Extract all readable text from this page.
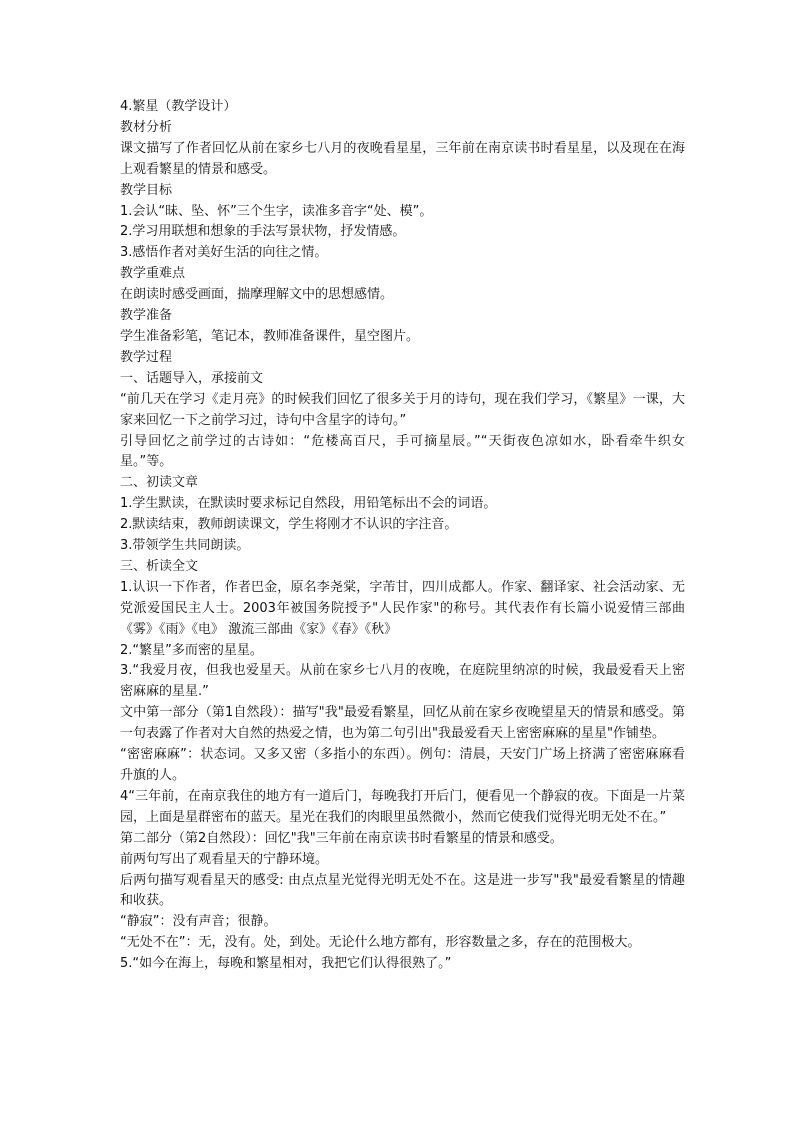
4.繁星（教学设计）
教材分析
课文描写了作者回忆从前在家乡七八月的夜晚看星星，三年前在南京读书时看星星，以及现在在海上观看繁星的情景和感受。
教学目标
1.会认“昧、坠、怀”三个生字，读准多音字“处、模”。
2.学习用联想和想象的手法写景状物，抒发情感。
3.感悟作者对美好生活的向往之情。
教学重难点
在朗读时感受画面，揣摩理解文中的思想感情。
教学准备
学生准备彩笔，笔记本，教师准备课件，星空图片。
教学过程
一、话题导入，承接前文
“前几天在学习《走月亮》的时候我们回忆了很多关于月的诗句，现在我们学习，《繁星》一课，大家来回忆一下之前学习过，诗句中含星字的诗句。”
引导回忆之前学过的古诗如：“危楼高百尺，手可摘星辰。”“天街夜色凉如水，卧看牵牛织女星。”等。
二、初读文章
1.学生默读，在默读时要求标记自然段，用铅笔标出不会的词语。
2.默读结束，教师朗读课文，学生将刚才不认识的字注音。
3.带领学生共同朗读。
三、析读全文
1.认识一下作者，作者巴金，原名李尧棠，字芾甘，四川成都人。作家、翻译家、社会活动家、无党派爱国民主人士。2003年被国务院授予"人民作家"的称号。其代表作有长篇小说爱情三部曲《雾》《雨》《电》 激流三部曲《家》《春》《秋》
2.“繁星”多而密的星星。
3.“我爱月夜，但我也爱星天。从前在家乡七八月的夜晚，在庭院里纳凉的时候，我最爱看天上密密麻麻的星星.”
文中第一部分（第1自然段）：描写"我"最爱看繁星，回忆从前在家乡夜晚望星天的情景和感受。第一句表露了作者对大自然的热爱之情，也为第二句引出"我最爱看天上密密麻麻的星星"作铺垫。
“密密麻麻”：状态词。又多又密（多指小的东西）。例句：清晨，天安门广场上挤满了密密麻麻看升旗的人。
4“三年前，在南京我住的地方有一道后门，每晚我打开后门，便看见一个静寂的夜。下面是一片菜园，上面是星群密布的蓝天。星光在我们的肉眼里虽然微小，然而它使我们觉得光明无处不在。”
第二部分（第2自然段）：回忆"我"三年前在南京读书时看繁星的情景和感受。
前两句写出了观看星天的宁静环境。
后两句描写观看星天的感受: 由点点星光觉得光明无处不在。这是进一步写"我"最爱看繁星的情趣和收获。
“静寂”：没有声音；很静。
“无处不在”：无，没有。处，到处。无论什么地方都有，形容数量之多，存在的范围极大。
5.“如今在海上，每晚和繁星相对，我把它们认得很熟了。”
